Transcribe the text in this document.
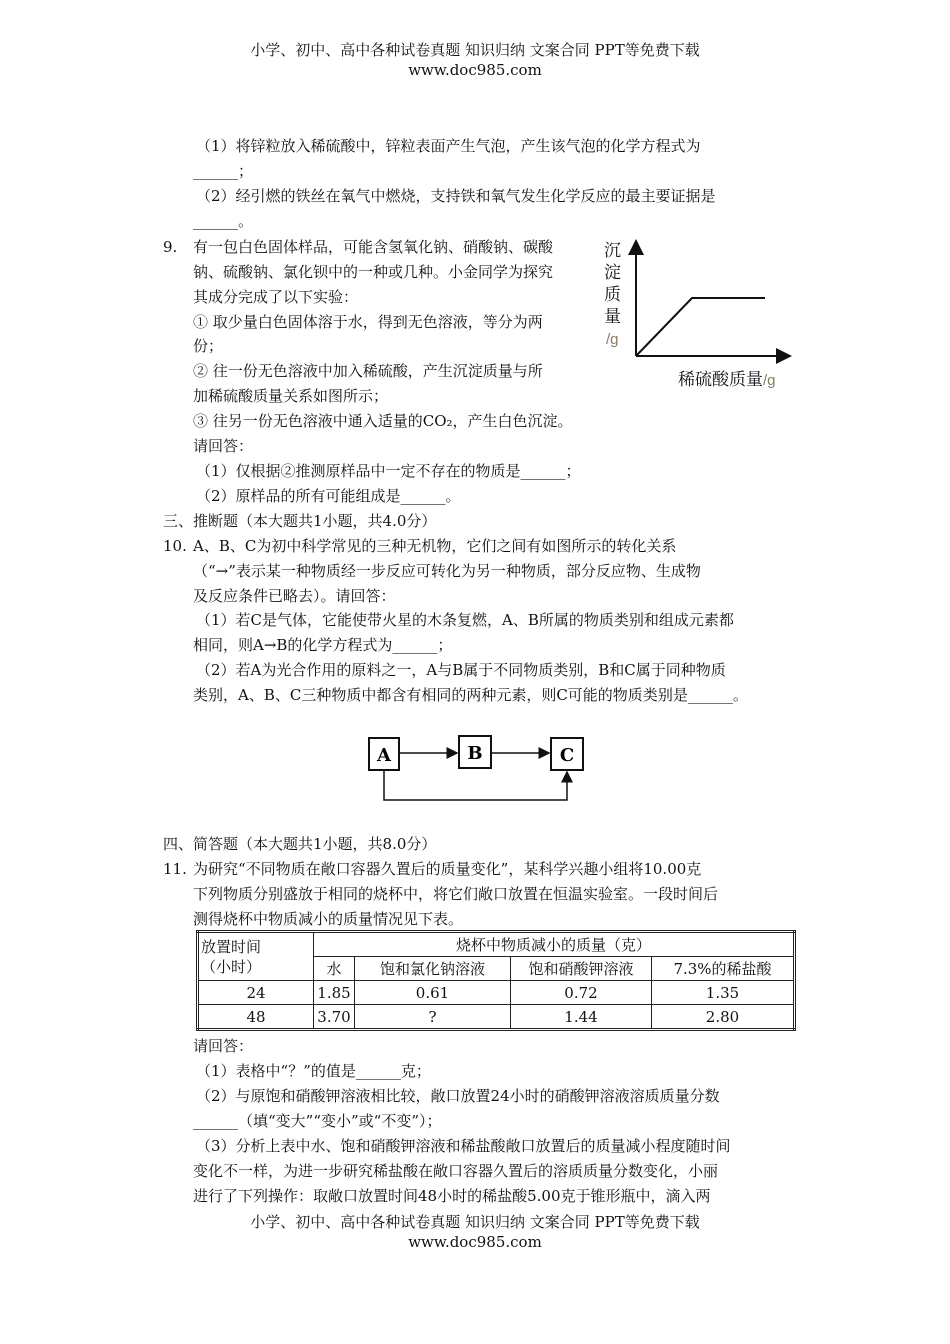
小学、初中、高中各种试卷真题 知识归纳 文案合同 PPT等免费下载
www.doc985.com
（1）将锌粒放入稀硫酸中，锌粒表面产生气泡，产生该气泡的化学方程式为
______；
（2）经引燃的铁丝在氧气中燃烧，支持铁和氧气发生化学反应的最主要证据是
______。
9. 有一包白色固体样品，可能含氢氧化钠、硝酸钠、碳酸
钠、硫酸钠、氯化钡中的一种或几种。小金同学为探究
其成分完成了以下实验：
① 取少量白色固体溶于水，得到无色溶液，等分为两
份；
② 往一份无色溶液中加入稀硫酸，产生沉淀质量与所
加稀硫酸质量关系如图所示；
③ 往另一份无色溶液中通入适量的CO₂，产生白色沉淀。
请回答：
（1）仅根据②推测原样品中一定不存在的物质是______；
（2）原样品的所有可能组成是______。
沉
淀
质
量
/g
稀硫酸质量 /g
三、推断题（本大题共1小题，共4.0分）
10. A、B、C为初中科学常见的三种无机物，它们之间有如图所示的转化关系
（“→”表示某一种物质经一步反应可转化为另一种物质，部分反应物、生成物
及反应条件已略去）。请回答：
（1）若C是气体，它能使带火星的木条复燃，A、B所属的物质类别和组成元素都
相同，则A→B的化学方程式为______；
（2）若A为光合作用的原料之一，A与B属于不同物质类别，B和C属于同种物质
类别，A、B、C三种物质中都含有相同的两种元素，则C可能的物质类别是______。
A	B	C
四、简答题（本大题共1小题，共8.0分）
11. 为研究“不同物质在敞口容器久置后的质量变化”，某科学兴趣小组将10.00克
下列物质分别盛放于相同的烧杯中，将它们敞口放置在恒温实验室。一段时间后
测得烧杯中物质减小的质量情况见下表。
放置时间
（小时）	烧杯中物质减小的质量（克）			
	水	饱和氯化钠溶液	饱和硝酸钾溶液	7.3%的稀盐酸
24	1.85	0.61	0.72	1.35
48	3.70	?	1.44	2.80
请回答：
（1）表格中“？”的值是______克；
（2）与原饱和硝酸钾溶液相比较，敞口放置24小时的硝酸钾溶液溶质质量分数
______（填“变大”“变小”或“不变”）；
（3）分析上表中水、饱和硝酸钾溶液和稀盐酸敞口放置后的质量减小程度随时间
变化不一样，为进一步研究稀盐酸在敞口容器久置后的溶质质量分数变化，小丽
进行了下列操作：取敞口放置时间48小时的稀盐酸5.00克于锥形瓶中，滴入两
小学、初中、高中各种试卷真题 知识归纳 文案合同 PPT等免费下载
www.doc985.com
